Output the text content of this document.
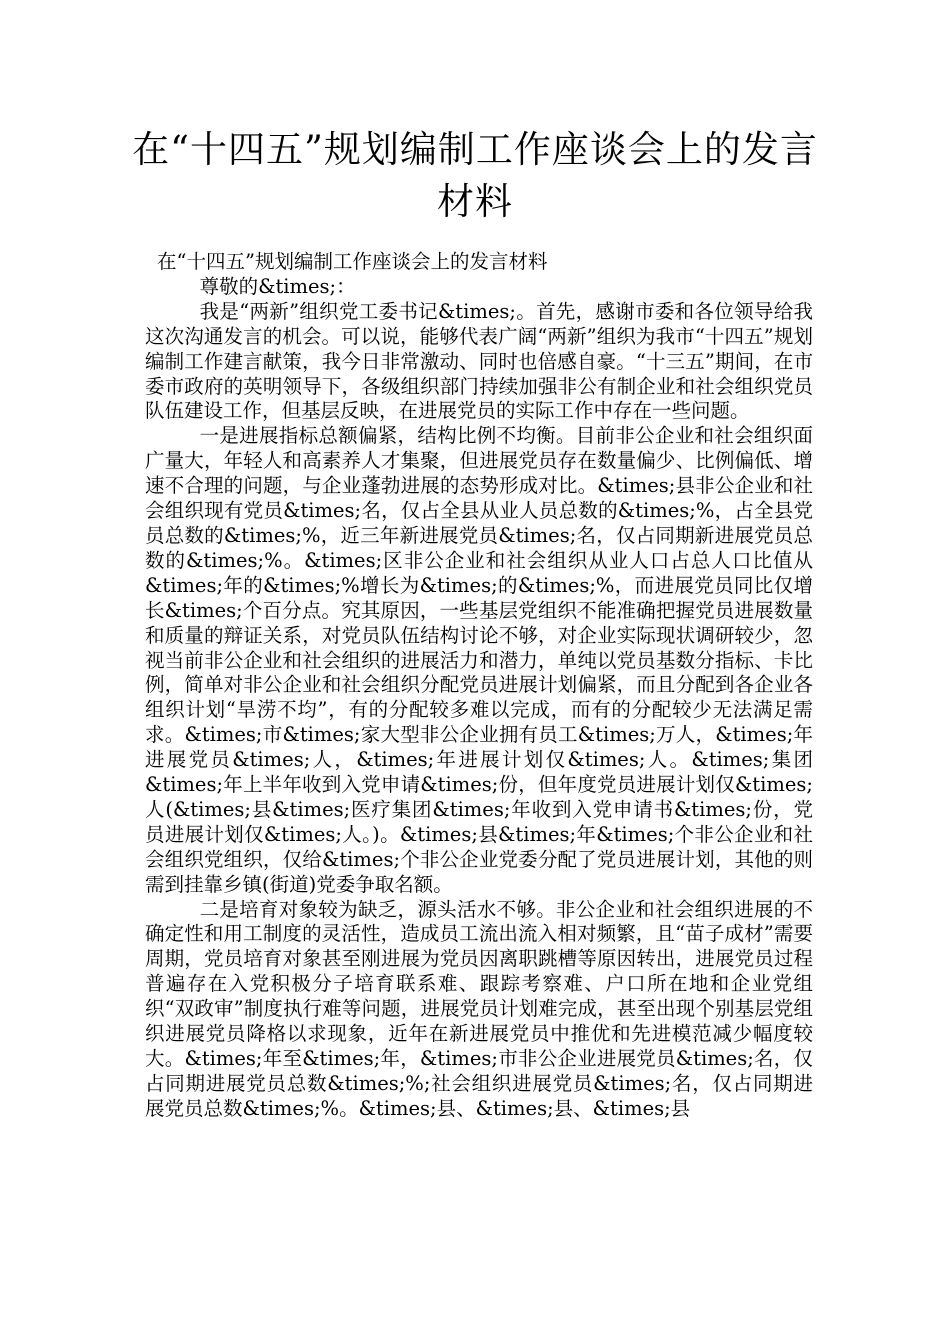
在“十四五”规划编制工作座谈会上的发言材料

在“十四五”规划编制工作座谈会上的发言材料

尊敬的&times;：

我是“两新”组织党工委书记&times;。首先，感谢市委和各位领导给我这次沟通发言的机会。可以说，能够代表广阔“两新”组织为我市“十四五”规划编制工作建言献策，我今日非常激动、同时也倍感自豪。“十三五”期间，在市委市政府的英明领导下，各级组织部门持续加强非公有制企业和社会组织党员队伍建设工作，但基层反映，在进展党员的实际工作中存在一些问题。

一是进展指标总额偏紧，结构比例不均衡。目前非公企业和社会组织面广量大，年轻人和高素养人才集聚，但进展党员存在数量偏少、比例偏低、增速不合理的问题，与企业蓬勃进展的态势形成对比。&times;县非公企业和社会组织现有党员&times;名，仅占全县从业人员总数的&times;%，占全县党员总数的&times;%，近三年新进展党员&times;名，仅占同期新进展党员总数的&times;%。&times;区非公企业和社会组织从业人口占总人口比值从&times;年的&times;%增长为&times;的&times;%，而进展党员同比仅增长&times;个百分点。究其原因，一些基层党组织不能准确把握党员进展数量和质量的辩证关系，对党员队伍结构讨论不够，对企业实际现状调研较少，忽视当前非公企业和社会组织的进展活力和潜力，单纯以党员基数分指标、卡比例，简单对非公企业和社会组织分配党员进展计划偏紧，而且分配到各企业各组织计划“旱涝不均”，有的分配较多难以完成，而有的分配较少无法满足需求。&times;市&times;家大型非公企业拥有员工&times;万人，&times;年进展党员&times;人，&times;年进展计划仅&times;人。&times;集团&times;年上半年收到入党申请&times;份，但年度党员进展计划仅&times;人(&times;县&times;医疗集团&times;年收到入党申请书&times;份，党员进展计划仅&times;人。)。&times;县&times;年&times;个非公企业和社会组织党组织，仅给&times;个非公企业党委分配了党员进展计划，其他的则需到挂靠乡镇(街道)党委争取名额。

二是培育对象较为缺乏，源头活水不够。非公企业和社会组织进展的不确定性和用工制度的灵活性，造成员工流出流入相对频繁，且“苗子成材”需要周期，党员培育对象甚至刚进展为党员因离职跳槽等原因转出，进展党员过程普遍存在入党积极分子培育联系难、跟踪考察难、户口所在地和企业党组织“双政审”制度执行难等问题，进展党员计划难完成，甚至出现个别基层党组织进展党员降格以求现象，近年在新进展党员中推优和先进模范减少幅度较大。&times;年至&times;年，&times;市非公企业进展党员&times;名，仅占同期进展党员总数&times;%;社会组织进展党员&times;名，仅占同期进展党员总数&times;%。&times;县、&times;县、&times;县
